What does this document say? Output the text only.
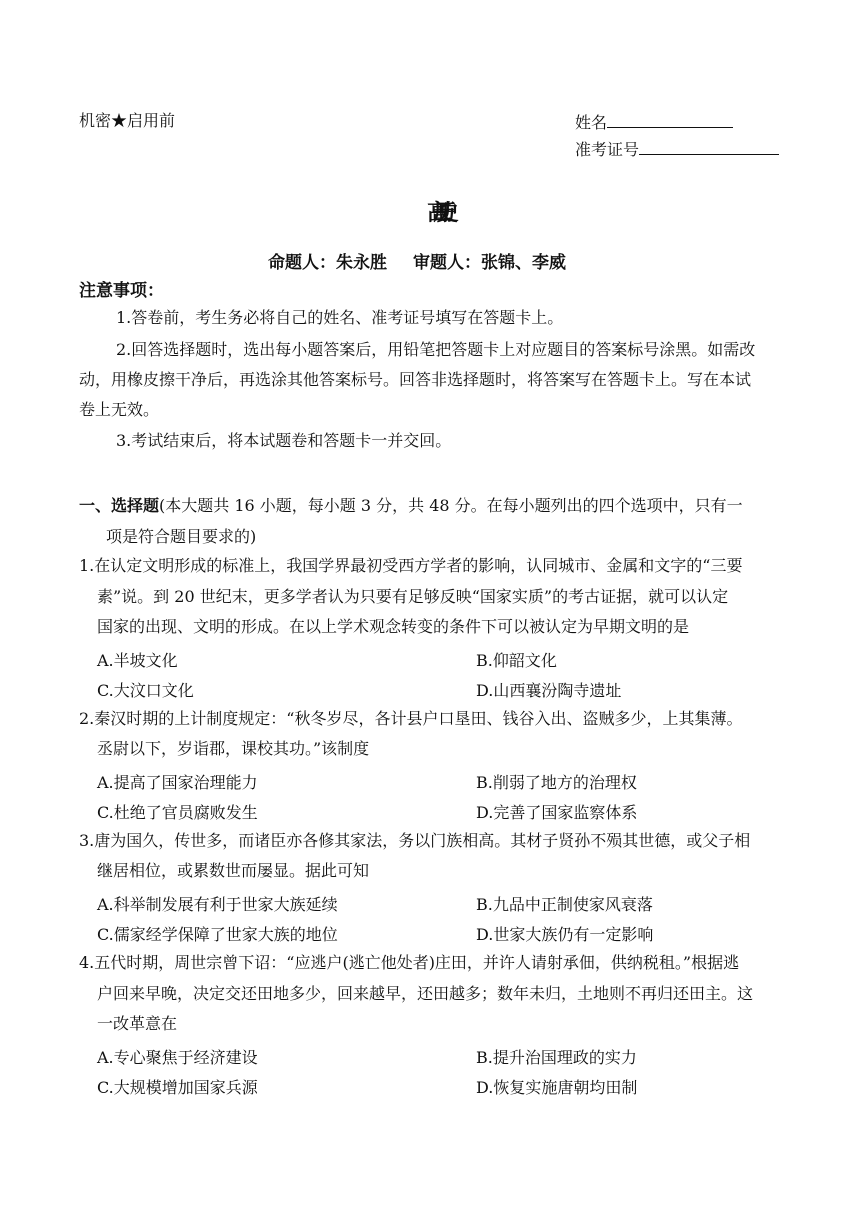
机密★启用前	姓名
准考证号
高三历史
命题人：朱永胜 审题人：张锦、李威
注意事项：
1.答卷前，考生务必将自己的姓名、准考证号填写在答题卡上。
2.回答选择题时，选出每小题答案后，用铅笔把答题卡上对应题目的答案标号涂黑。如需改
动，用橡皮擦干净后，再选涂其他答案标号。回答非选择题时，将答案写在答题卡上。写在本试
卷上无效。
3.考试结束后，将本试题卷和答题卡一并交回。
一、选择题(本大题共 16 小题，每小题 3 分，共 48 分。在每小题列出的四个选项中，只有一
项是符合题目要求的)
1.在认定文明形成的标准上，我国学界最初受西方学者的影响，认同城市、金属和文字的“三要
素”说。到 20 世纪末，更多学者认为只要有足够反映“国家实质”的考古证据，就可以认定
国家的出现、文明的形成。在以上学术观念转变的条件下可以被认定为早期文明的是
A.半坡文化	B.仰韶文化
C.大汶口文化	D.山西襄汾陶寺遗址
2.秦汉时期的上计制度规定：“秋冬岁尽，各计县户口垦田、钱谷入出、盗贼多少，上其集薄。
丞尉以下，岁诣郡，课校其功。”该制度
A.提高了国家治理能力	B.削弱了地方的治理权
C.杜绝了官员腐败发生	D.完善了国家监察体系
3.唐为国久，传世多，而诸臣亦各修其家法，务以门族相高。其材子贤孙不殒其世德，或父子相
继居相位，或累数世而屡显。据此可知
A.科举制发展有利于世家大族延续	B.九品中正制使家风衰落
C.儒家经学保障了世家大族的地位	D.世家大族仍有一定影响
4.五代时期，周世宗曾下诏：“应逃户(逃亡他处者)庄田，并许人请射承佃，供纳税租。”根据逃
户回来早晚，决定交还田地多少，回来越早，还田越多；数年未归，土地则不再归还田主。这
一改革意在
A.专心聚焦于经济建设	B.提升治国理政的实力
C.大规模增加国家兵源	D.恢复实施唐朝均田制
